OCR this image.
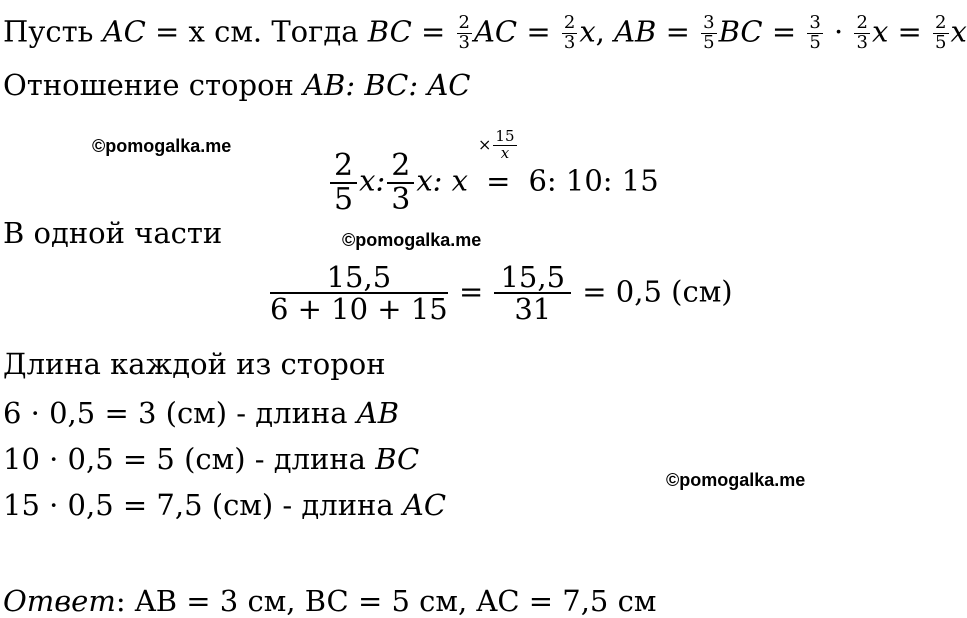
Пусть AC = x см. Тогда BC = $\frac{2}{3}$ AC = $\frac{2}{3} x$, AB = $\frac{3}{5}$ BC = $\frac{3}{5} \cdot \frac{2}{3}$ $x = \frac{2}{5}$ x
Отношение сторон AB: BC: AC
©pomogalka.me
$\frac{2}{5} x$: $\frac{2}{3} x$: x
× $\frac{15}{x}$
= 6: 10: 15
В одной части	©pomogalka.me
$\frac{15,5}{6 + 10 + 15} = \frac{15,5}{31} = 0,5$ (см)
Длина каждой из сторон
6 · 0,5 = 3 (см) - длина AB
10 · 0,5 = 5 (см) - длина BC
15 · 0,5 = 7,5 (см) - длина AC
©pomogalka.me
Ответ: AB = 3 см, BC = 5 см, AC = 7,5 см
